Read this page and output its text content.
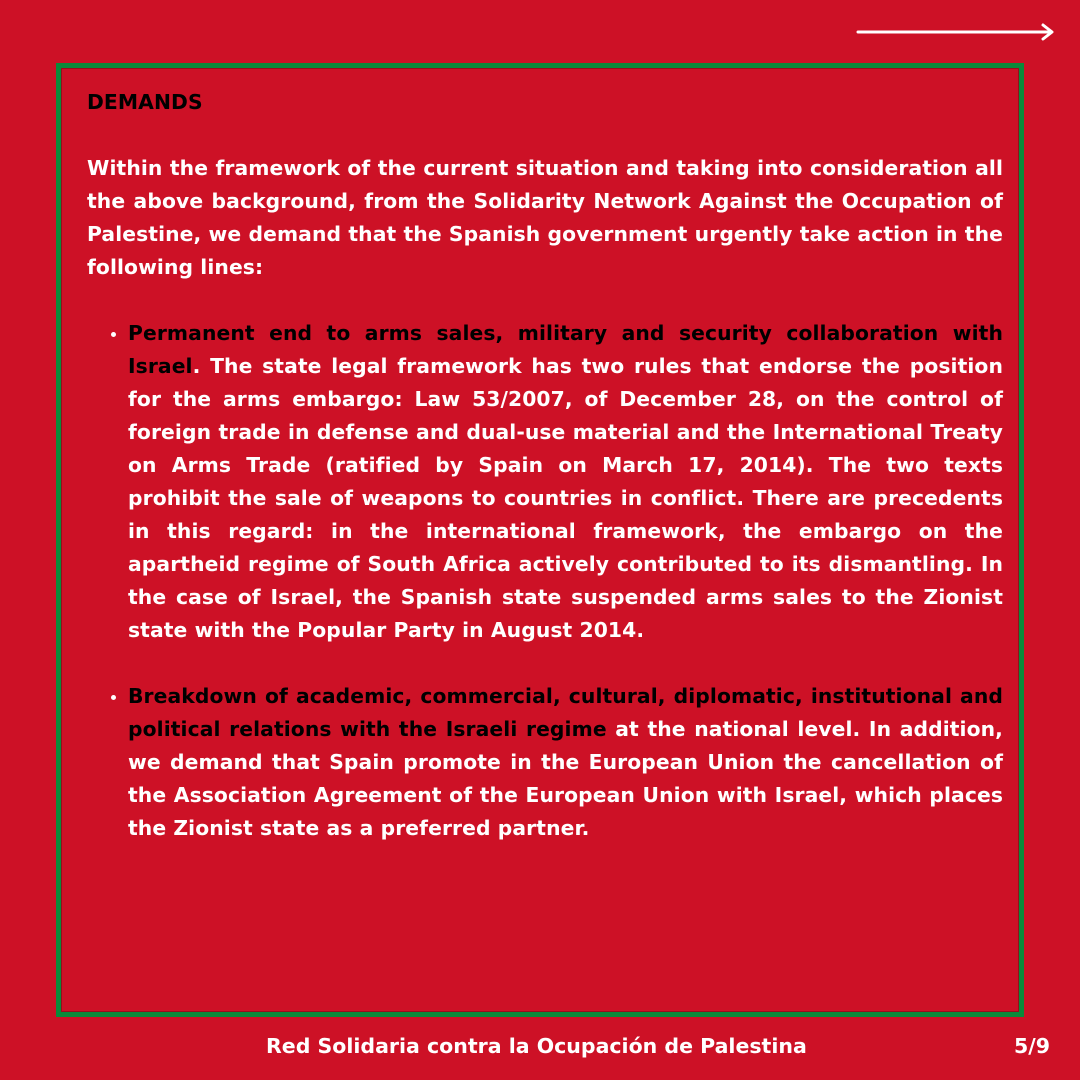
DEMANDS
Within the framework of the current situation and taking into consideration all the above background, from the Solidarity Network Against the Occupation of Palestine, we demand that the Spanish government urgently take action in the following lines:
• Permanent end to arms sales, military and security collaboration with Israel. The state legal framework has two rules that endorse the position for the arms embargo: Law 53/2007, of December 28, on the control of foreign trade in defense and dual-use material and the International Treaty on Arms Trade (ratified by Spain on March 17, 2014). The two texts prohibit the sale of weapons to countries in conflict. There are precedents in this regard: in the international framework, the embargo on the apartheid regime of South Africa actively contributed to its dismantling. In the case of Israel, the Spanish state suspended arms sales to the Zionist state with the Popular Party in August 2014.
• Breakdown of academic, commercial, cultural, diplomatic, institutional and political relations with the Israeli regime at the national level. In addition, we demand that Spain promote in the European Union the cancellation of the Association Agreement of the European Union with Israel, which places the Zionist state as a preferred partner.
Red Solidaria contra la Ocupación de Palestina	5/9
